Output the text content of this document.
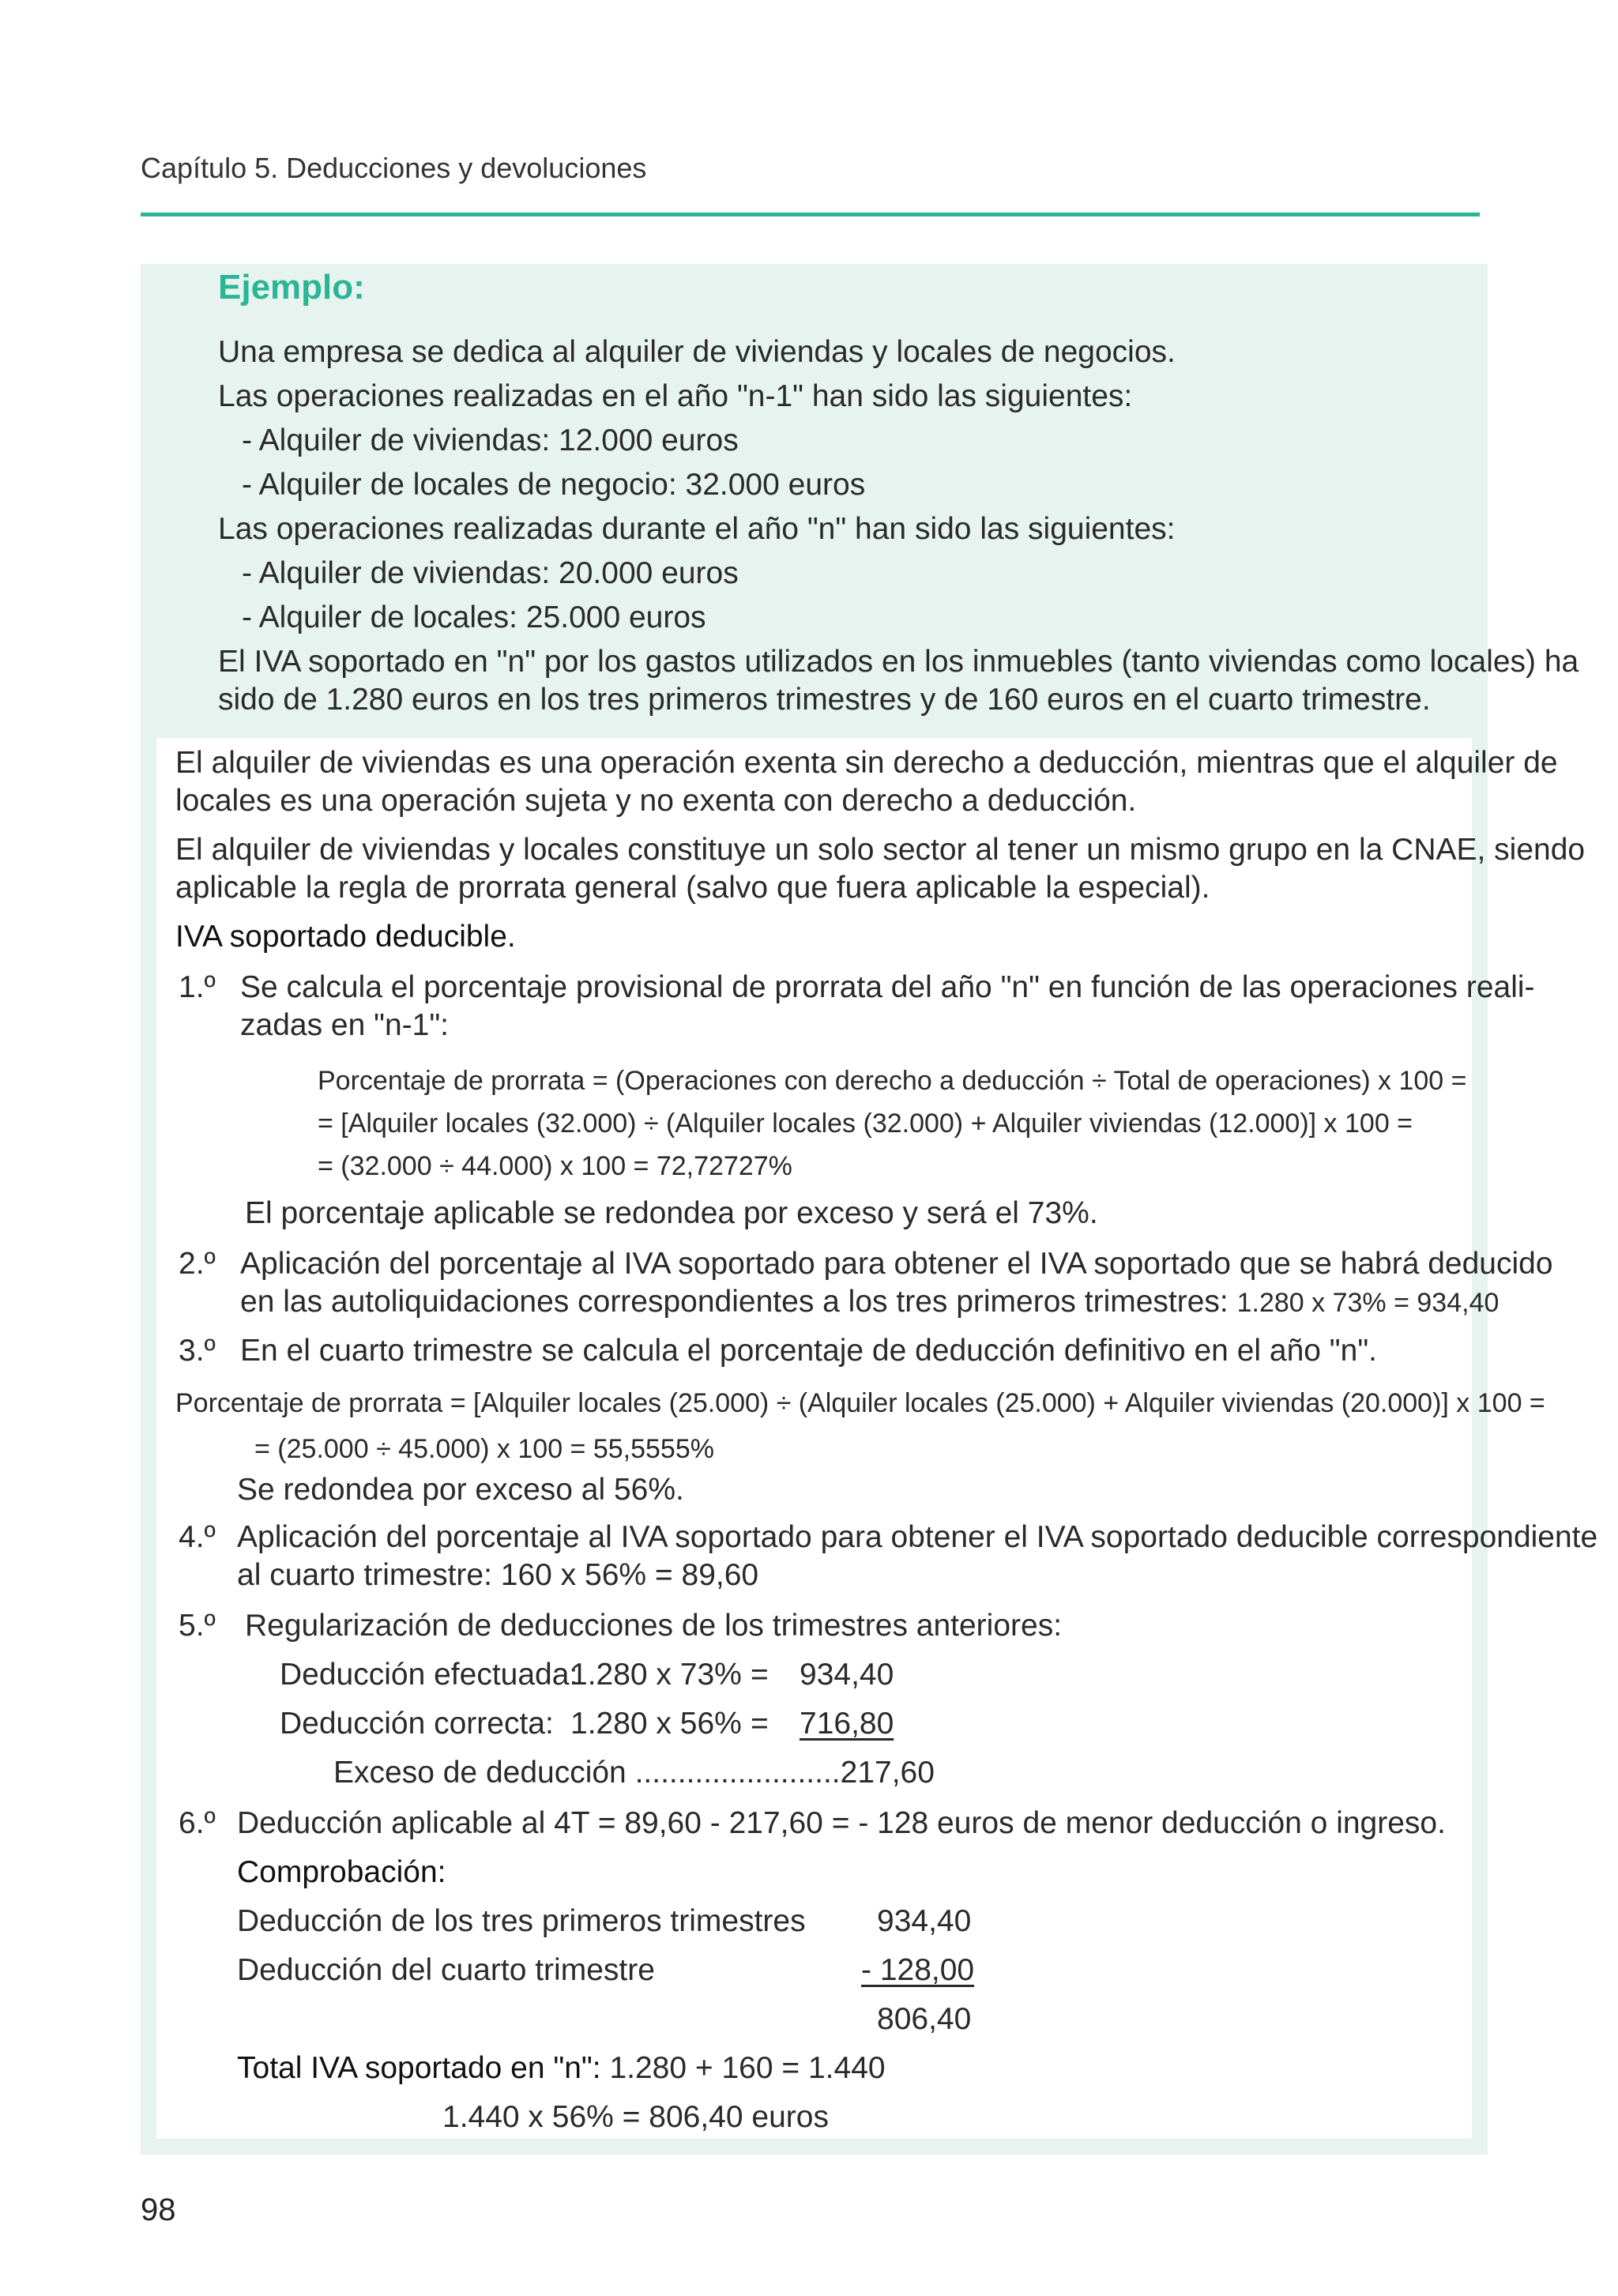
Capítulo 5. Deducciones y devoluciones
Ejemplo:
Una empresa se dedica al alquiler de viviendas y locales de negocios.
Las operaciones realizadas en el año "n-1" han sido las siguientes:
- Alquiler de viviendas: 12.000 euros
- Alquiler de locales de negocio: 32.000 euros
Las operaciones realizadas durante el año "n" han sido las siguientes:
- Alquiler de viviendas: 20.000 euros
- Alquiler de locales: 25.000 euros
El IVA soportado en "n" por los gastos utilizados en los inmuebles (tanto viviendas como locales) ha
sido de 1.280 euros en los tres primeros trimestres y de 160 euros en el cuarto trimestre.
El alquiler de viviendas es una operación exenta sin derecho a deducción, mientras que el alquiler de
locales es una operación sujeta y no exenta con derecho a deducción.
El alquiler de viviendas y locales constituye un solo sector al tener un mismo grupo en la CNAE, siendo
aplicable la regla de prorrata general (salvo que fuera aplicable la especial).
IVA soportado deducible.
1.º Se calcula el porcentaje provisional de prorrata del año "n" en función de las operaciones reali-
zadas en "n-1":
Porcentaje de prorrata = (Operaciones con derecho a deducción ÷ Total de operaciones) x 100 =
= [Alquiler locales (32.000) ÷ (Alquiler locales (32.000) + Alquiler viviendas (12.000)] x 100 =
= (32.000 ÷ 44.000) x 100 = 72,72727%
El porcentaje aplicable se redondea por exceso y será el 73%.
2.º Aplicación del porcentaje al IVA soportado para obtener el IVA soportado que se habrá deducido
en las autoliquidaciones correspondientes a los tres primeros trimestres: 1.280 x 73% = 934,40
3.º En el cuarto trimestre se calcula el porcentaje de deducción definitivo en el año "n".
Porcentaje de prorrata = [Alquiler locales (25.000) ÷ (Alquiler locales (25.000) + Alquiler viviendas (20.000)] x 100 =
= (25.000 ÷ 45.000) x 100 = 55,5555%
Se redondea por exceso al 56%.
4.º Aplicación del porcentaje al IVA soportado para obtener el IVA soportado deducible correspondiente
al cuarto trimestre: 160 x 56% = 89,60
5.º Regularización de deducciones de los trimestres anteriores:
Deducción efectuada:
1.280 x 73% = 934,40
Deducción correcta: 1.280 x 56% = 716,80
Exceso de deducción ........................217,60
6.º Deducción aplicable al 4T = 89,60 - 217,60 = - 128 euros de menor deducción o ingreso.
Comprobación:
Deducción de los tres primeros trimestres 934,40
Deducción del cuarto trimestre	- 128,00
806,40
Total IVA soportado en "n": 1.280 + 160 = 1.440
1.440 x 56% = 806,40 euros
98
